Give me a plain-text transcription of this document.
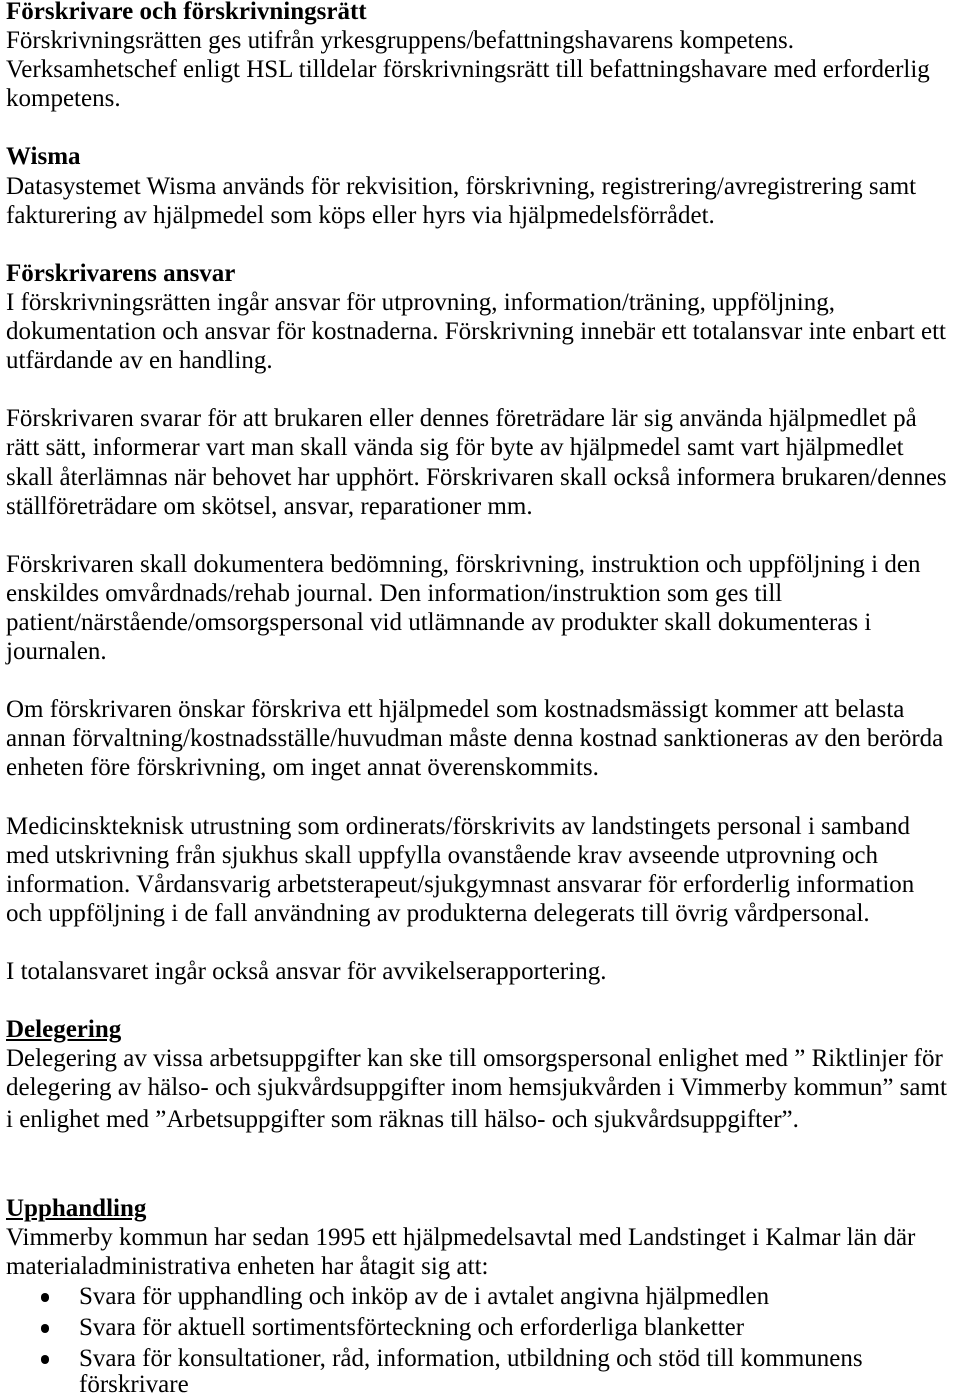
Förskrivare och förskrivningsrätt
Förskrivningsrätten ges utifrån yrkesgruppens/befattningshavarens kompetens.
Verksamhetschef enligt HSL tilldelar förskrivningsrätt till befattningshavare med erforderlig
kompetens.
Wisma
Datasystemet Wisma används för rekvisition, förskrivning, registrering/avregistrering samt
fakturering av hjälpmedel som köps eller hyrs via hjälpmedelsförrådet.
Förskrivarens ansvar
I förskrivningsrätten ingår ansvar för utprovning, information/träning, uppföljning,
dokumentation och ansvar för kostnaderna. Förskrivning innebär ett totalansvar inte enbart ett
utfärdande av en handling.
Förskrivaren svarar för att brukaren eller dennes företrädare lär sig använda hjälpmedlet på
rätt sätt, informerar vart man skall vända sig för byte av hjälpmedel samt vart hjälpmedlet
skall återlämnas när behovet har upphört. Förskrivaren skall också informera brukaren/dennes
ställföreträdare om skötsel, ansvar, reparationer mm.
Förskrivaren skall dokumentera bedömning, förskrivning, instruktion och uppföljning i den
enskildes omvårdnads/rehab journal. Den information/instruktion som ges till
patient/närstående/omsorgspersonal vid utlämnande av produkter skall dokumenteras i
journalen.
Om förskrivaren önskar förskriva ett hjälpmedel som kostnadsmässigt kommer att belasta
annan förvaltning/kostnadsställe/huvudman måste denna kostnad sanktioneras av den berörda
enheten före förskrivning, om inget annat överenskommits.
Medicinskteknisk utrustning som ordinerats/förskrivits av landstingets personal i samband
med utskrivning från sjukhus skall uppfylla ovanstående krav avseende utprovning och
information. Vårdansvarig arbetsterapeut/sjukgymnast ansvarar för erforderlig information
och uppföljning i de fall användning av produkterna delegerats till övrig vårdpersonal.
I totalansvaret ingår också ansvar för avvikelserapportering.
Delegering
Delegering av vissa arbetsuppgifter kan ske till omsorgspersonal enlighet med ” Riktlinjer för
delegering av hälso- och sjukvårdsuppgifter inom hemsjukvården i Vimmerby kommun” samt
i enlighet med ”Arbetsuppgifter som räknas till hälso- och sjukvårdsuppgifter”.
Upphandling
Vimmerby kommun har sedan 1995 ett hjälpmedelsavtal med Landstinget i Kalmar län där
materialadministrativa enheten har åtagit sig att:
Svara för upphandling och inköp av de i avtalet angivna hjälpmedlen
Svara för aktuell sortimentsförteckning och erforderliga blanketter
Svara för konsultationer, råd, information, utbildning och stöd till kommunens
förskrivare
